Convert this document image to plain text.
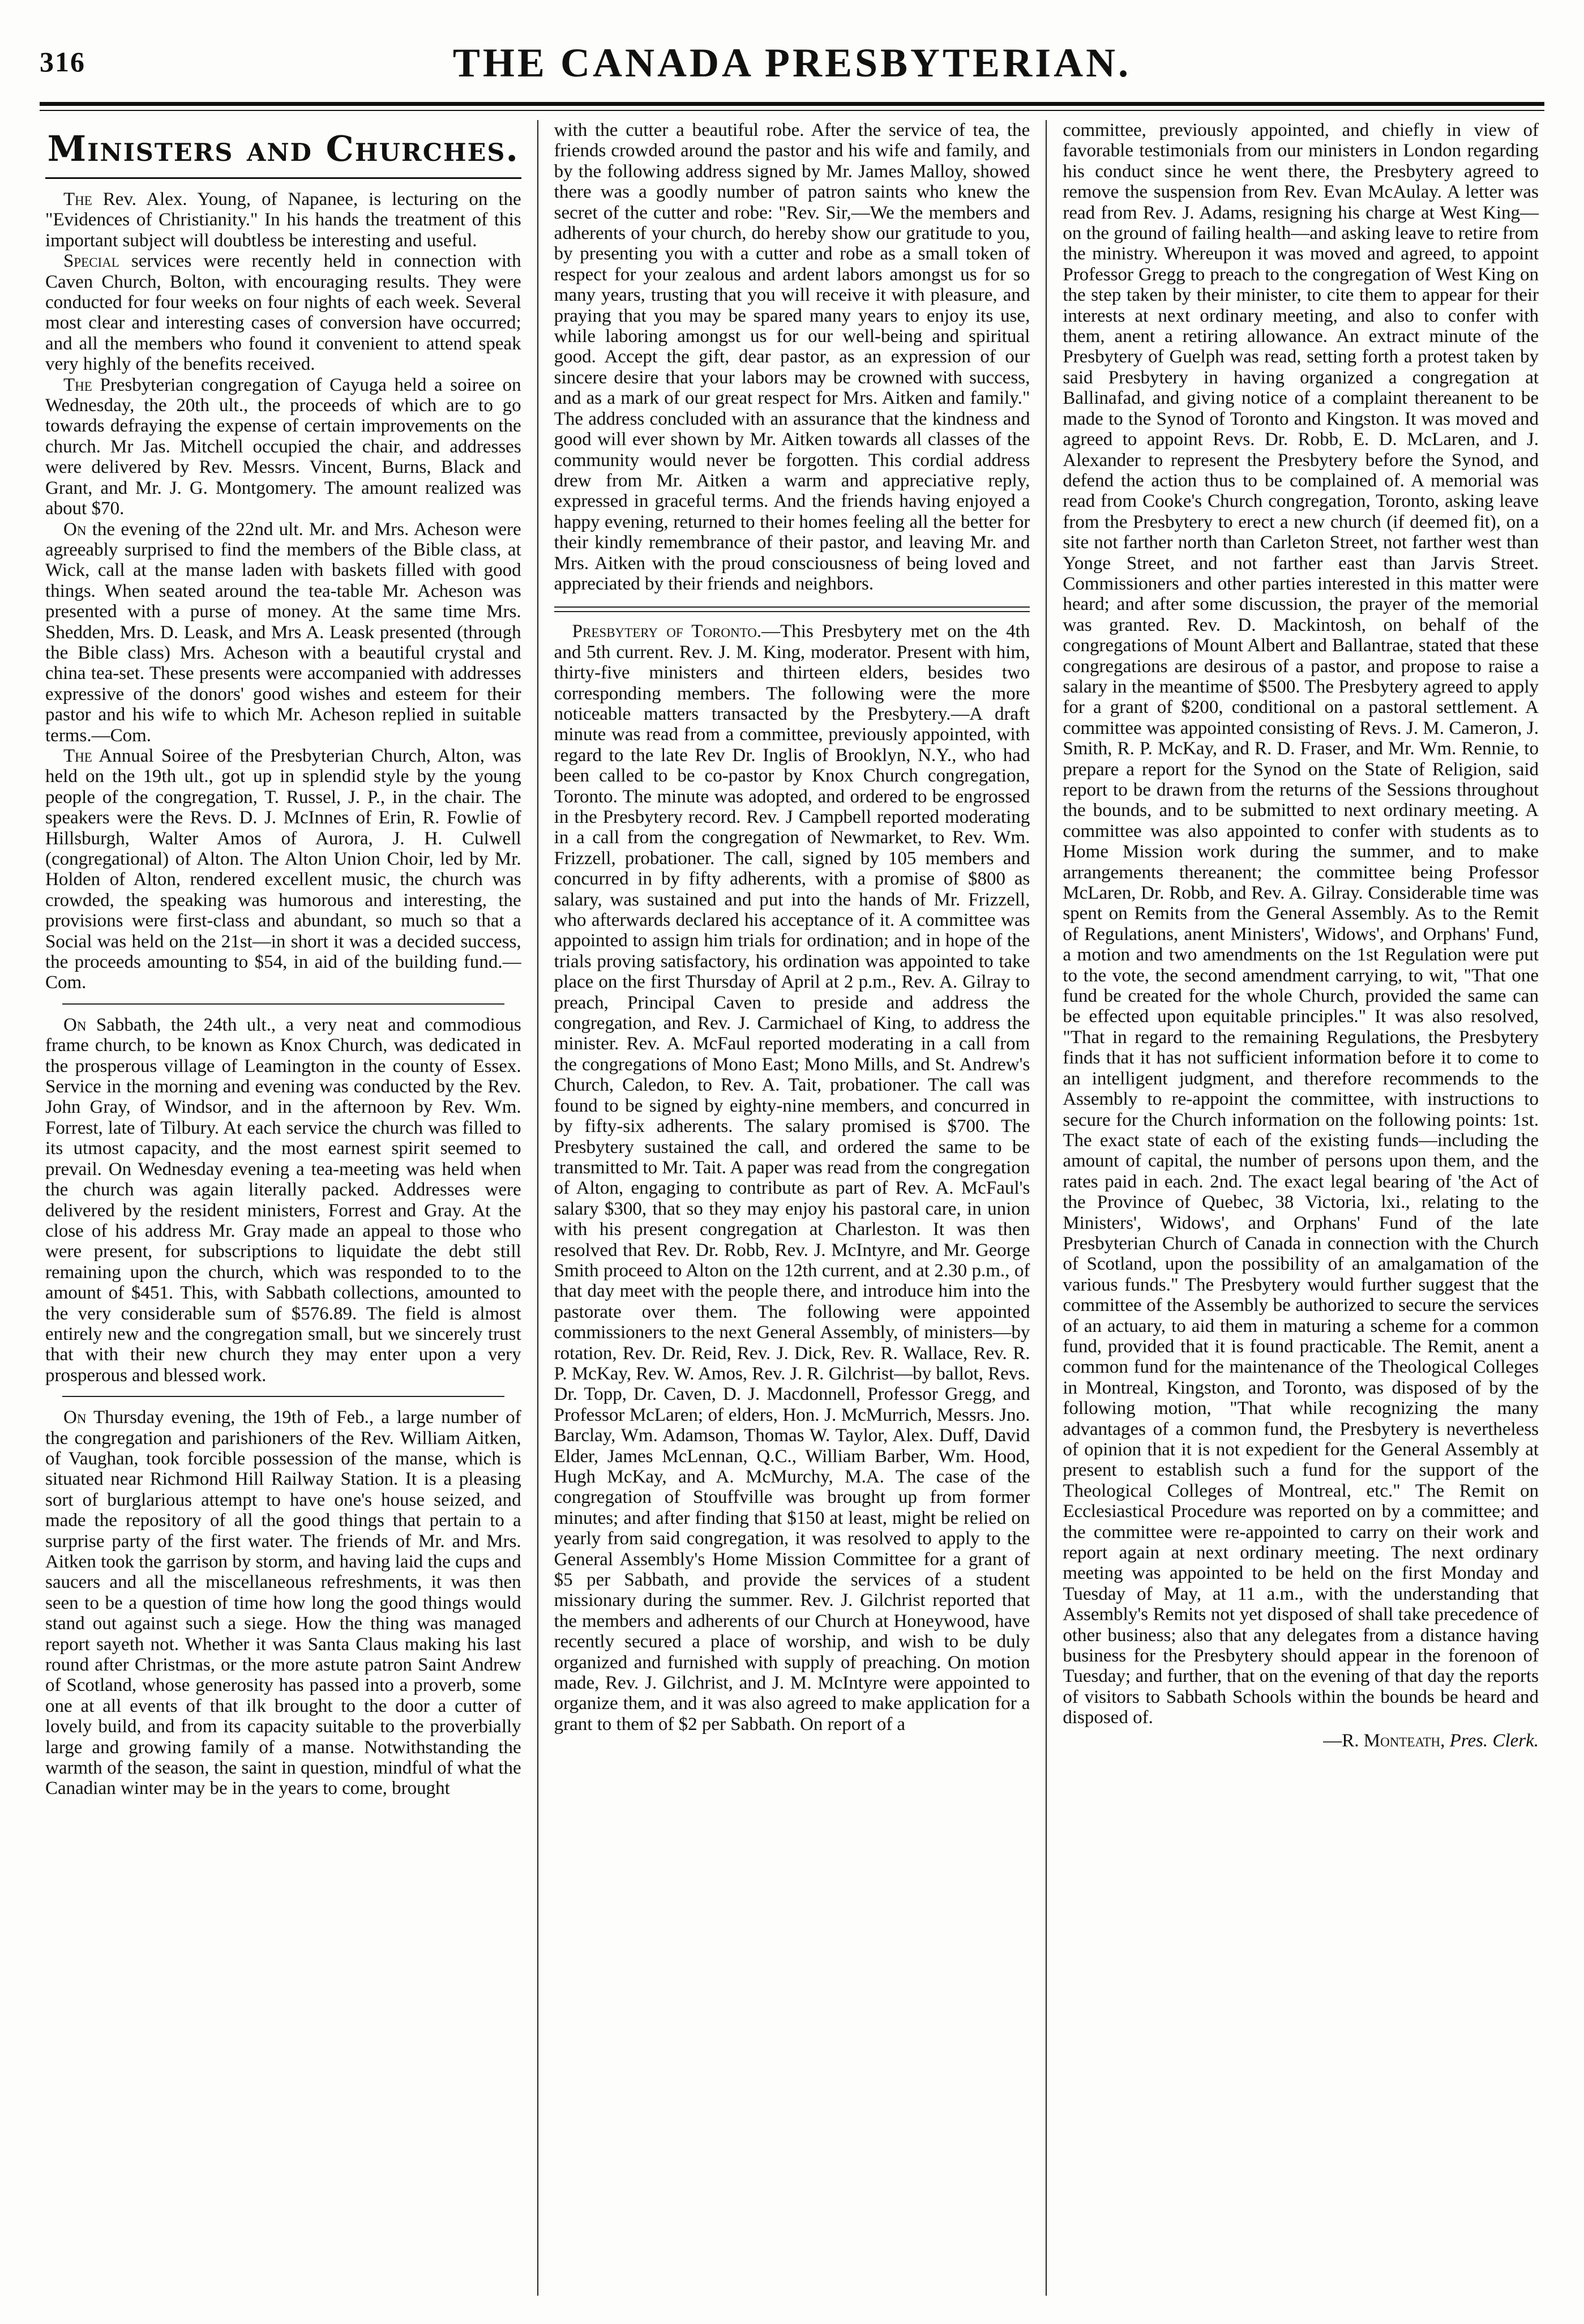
316	THE CANADA PRESBYTERIAN.
Ministers and Churches.

The Rev. Alex. Young, of Napanee, is lecturing on the "Evidences of Christianity." In his hands the treatment of this important subject will doubtless be interesting and useful.

Special services were recently held in connection with Caven Church, Bolton, with encouraging results. They were conducted for four weeks on four nights of each week. Several most clear and interesting cases of conversion have occurred; and all the members who found it convenient to attend speak very highly of the benefits received.

The Presbyterian congregation of Cayuga held a soiree on Wednesday, the 20th ult., the proceeds of which are to go towards defraying the expense of certain improvements on the church. Mr Jas. Mitchell occupied the chair, and addresses were delivered by Rev. Messrs. Vincent, Burns, Black and Grant, and Mr. J. G. Montgomery. The amount realized was about $70.

On the evening of the 22nd ult. Mr. and Mrs. Acheson were agreeably surprised to find the members of the Bible class, at Wick, call at the manse laden with baskets filled with good things. When seated around the tea-table Mr. Acheson was presented with a purse of money. At the same time Mrs. Shedden, Mrs. D. Leask, and Mrs A. Leask presented (through the Bible class) Mrs. Acheson with a beautiful crystal and china tea-set. These presents were accompanied with addresses expressive of the donors' good wishes and esteem for their pastor and his wife to which Mr. Acheson replied in suitable terms.—Com.

The Annual Soiree of the Presbyterian Church, Alton, was held on the 19th ult., got up in splendid style by the young people of the congregation, T. Russel, J. P., in the chair. The speakers were the Revs. D. J. McInnes of Erin, R. Fowlie of Hillsburgh, Walter Amos of Aurora, J. H. Culwell (congregational) of Alton. The Alton Union Choir, led by Mr. Holden of Alton, rendered excellent music, the church was crowded, the speaking was humorous and interesting, the provisions were first-class and abundant, so much so that a Social was held on the 21st—in short it was a decided success, the proceeds amounting to $54, in aid of the building fund.—Com.

On Sabbath, the 24th ult., a very neat and commodious frame church, to be known as Knox Church, was dedicated in the prosperous village of Leamington in the county of Essex. Service in the morning and evening was conducted by the Rev. John Gray, of Windsor, and in the afternoon by Rev. Wm. Forrest, late of Tilbury. At each service the church was filled to its utmost capacity, and the most earnest spirit seemed to prevail. On Wednesday evening a tea-meeting was held when the church was again literally packed. Addresses were delivered by the resident ministers, Forrest and Gray. At the close of his address Mr. Gray made an appeal to those who were present, for subscriptions to liquidate the debt still remaining upon the church, which was responded to to the amount of $451. This, with Sabbath collections, amounted to the very considerable sum of $576.89. The field is almost entirely new and the congregation small, but we sincerely trust that with their new church they may enter upon a very prosperous and blessed work.

On Thursday evening, the 19th of Feb., a large number of the congregation and parishioners of the Rev. William Aitken, of Vaughan, took forcible possession of the manse, which is situated near Richmond Hill Railway Station. It is a pleasing sort of burglarious attempt to have one's house seized, and made the repository of all the good things that pertain to a surprise party of the first water. The friends of Mr. and Mrs. Aitken took the garrison by storm, and having laid the cups and saucers and all the miscellaneous refreshments, it was then seen to be a question of time how long the good things would stand out against such a siege. How the thing was managed report sayeth not. Whether it was Santa Claus making his last round after Christmas, or the more astute patron Saint Andrew of Scotland, whose generosity has passed into a proverb, some one at all events of that ilk brought to the door a cutter of lovely build, and from its capacity suitable to the proverbially large and growing family of a manse. Notwithstanding the warmth of the season, the saint in question, mindful of what the Canadian winter may be in the years to come, brought

with the cutter a beautiful robe. After the service of tea, the friends crowded around the pastor and his wife and family, and by the following address signed by Mr. James Malloy, showed there was a goodly number of patron saints who knew the secret of the cutter and robe: "Rev. Sir,—We the members and adherents of your church, do hereby show our gratitude to you, by presenting you with a cutter and robe as a small token of respect for your zealous and ardent labors amongst us for so many years, trusting that you will receive it with pleasure, and praying that you may be spared many years to enjoy its use, while laboring amongst us for our well-being and spiritual good. Accept the gift, dear pastor, as an expression of our sincere desire that your labors may be crowned with success, and as a mark of our great respect for Mrs. Aitken and family." The address concluded with an assurance that the kindness and good will ever shown by Mr. Aitken towards all classes of the community would never be forgotten. This cordial address drew from Mr. Aitken a warm and appreciative reply, expressed in graceful terms. And the friends having enjoyed a happy evening, returned to their homes feeling all the better for their kindly remembrance of their pastor, and leaving Mr. and Mrs. Aitken with the proud consciousness of being loved and appreciated by their friends and neighbors.

Presbytery of Toronto.—This Presbytery met on the 4th and 5th current. Rev. J. M. King, moderator. Present with him, thirty-five ministers and thirteen elders, besides two corresponding members. The following were the more noticeable matters transacted by the Presbytery.—A draft minute was read from a committee, previously appointed, with regard to the late Rev Dr. Inglis of Brooklyn, N.Y., who had been called to be co-pastor by Knox Church congregation, Toronto. The minute was adopted, and ordered to be engrossed in the Presbytery record. Rev. J Campbell reported moderating in a call from the congregation of Newmarket, to Rev. Wm. Frizzell, probationer. The call, signed by 105 members and concurred in by fifty adherents, with a promise of $800 as salary, was sustained and put into the hands of Mr. Frizzell, who afterwards declared his acceptance of it. A committee was appointed to assign him trials for ordination; and in hope of the trials proving satisfactory, his ordination was appointed to take place on the first Thursday of April at 2 p.m., Rev. A. Gilray to preach, Principal Caven to preside and address the congregation, and Rev. J. Carmichael of King, to address the minister. Rev. A. McFaul reported moderating in a call from the congregations of Mono East; Mono Mills, and St. Andrew's Church, Caledon, to Rev. A. Tait, probationer. The call was found to be signed by eighty-nine members, and concurred in by fifty-six adherents. The salary promised is $700. The Presbytery sustained the call, and ordered the same to be transmitted to Mr. Tait. A paper was read from the congregation of Alton, engaging to contribute as part of Rev. A. McFaul's salary $300, that so they may enjoy his pastoral care, in union with his present congregation at Charleston. It was then resolved that Rev. Dr. Robb, Rev. J. McIntyre, and Mr. George Smith proceed to Alton on the 12th current, and at 2.30 p.m., of that day meet with the people there, and introduce him into the pastorate over them. The following were appointed commissioners to the next General Assembly, of ministers—by rotation, Rev. Dr. Reid, Rev. J. Dick, Rev. R. Wallace, Rev. R. P. McKay, Rev. W. Amos, Rev. J. R. Gilchrist—by ballot, Revs. Dr. Topp, Dr. Caven, D. J. Macdonnell, Professor Gregg, and Professor McLaren; of elders, Hon. J. McMurrich, Messrs. Jno. Barclay, Wm. Adamson, Thomas W. Taylor, Alex. Duff, David Elder, James McLennan, Q.C., William Barber, Wm. Hood, Hugh McKay, and A. McMurchy, M.A. The case of the congregation of Stouffville was brought up from former minutes; and after finding that $150 at least, might be relied on yearly from said congregation, it was resolved to apply to the General Assembly's Home Mission Committee for a grant of $5 per Sabbath, and provide the services of a student missionary during the summer. Rev. J. Gilchrist reported that the members and adherents of our Church at Honeywood, have recently secured a place of worship, and wish to be duly organized and furnished with supply of preaching. On motion made, Rev. J. Gilchrist, and J. M. McIntyre were appointed to organize them, and it was also agreed to make application for a grant to them of $2 per Sabbath. On report of a

committee, previously appointed, and chiefly in view of favorable testimonials from our ministers in London regarding his conduct since he went there, the Presbytery agreed to remove the suspension from Rev. Evan McAulay. A letter was read from Rev. J. Adams, resigning his charge at West King—on the ground of failing health—and asking leave to retire from the ministry. Whereupon it was moved and agreed, to appoint Professor Gregg to preach to the congregation of West King on the step taken by their minister, to cite them to appear for their interests at next ordinary meeting, and also to confer with them, anent a retiring allowance. An extract minute of the Presbytery of Guelph was read, setting forth a protest taken by said Presbytery in having organized a congregation at Ballinafad, and giving notice of a complaint thereanent to be made to the Synod of Toronto and Kingston. It was moved and agreed to appoint Revs. Dr. Robb, E. D. McLaren, and J. Alexander to represent the Presbytery before the Synod, and defend the action thus to be complained of. A memorial was read from Cooke's Church congregation, Toronto, asking leave from the Presbytery to erect a new church (if deemed fit), on a site not farther north than Carleton Street, not farther west than Yonge Street, and not farther east than Jarvis Street. Commissioners and other parties interested in this matter were heard; and after some discussion, the prayer of the memorial was granted. Rev. D. Mackintosh, on behalf of the congregations of Mount Albert and Ballantrae, stated that these congregations are desirous of a pastor, and propose to raise a salary in the meantime of $500. The Presbytery agreed to apply for a grant of $200, conditional on a pastoral settlement. A committee was appointed consisting of Revs. J. M. Cameron, J. Smith, R. P. McKay, and R. D. Fraser, and Mr. Wm. Rennie, to prepare a report for the Synod on the State of Religion, said report to be drawn from the returns of the Sessions throughout the bounds, and to be submitted to next ordinary meeting. A committee was also appointed to confer with students as to Home Mission work during the summer, and to make arrangements thereanent; the committee being Professor McLaren, Dr. Robb, and Rev. A. Gilray. Considerable time was spent on Remits from the General Assembly. As to the Remit of Regulations, anent Ministers', Widows', and Orphans' Fund, a motion and two amendments on the 1st Regulation were put to the vote, the second amendment carrying, to wit, "That one fund be created for the whole Church, provided the same can be effected upon equitable principles." It was also resolved, "That in regard to the remaining Regulations, the Presbytery finds that it has not sufficient information before it to come to an intelligent judgment, and therefore recommends to the Assembly to re-appoint the committee, with instructions to secure for the Church information on the following points: 1st. The exact state of each of the existing funds—including the amount of capital, the number of persons upon them, and the rates paid in each. 2nd. The exact legal bearing of 'the Act of the Province of Quebec, 38 Victoria, lxi., relating to the Ministers', Widows', and Orphans' Fund of the late Presbyterian Church of Canada in connection with the Church of Scotland, upon the possibility of an amalgamation of the various funds." The Presbytery would further suggest that the committee of the Assembly be authorized to secure the services of an actuary, to aid them in maturing a scheme for a common fund, provided that it is found practicable. The Remit, anent a common fund for the maintenance of the Theological Colleges in Montreal, Kingston, and Toronto, was disposed of by the following motion, "That while recognizing the many advantages of a common fund, the Presbytery is nevertheless of opinion that it is not expedient for the General Assembly at present to establish such a fund for the support of the Theological Colleges of Montreal, etc." The Remit on Ecclesiastical Procedure was reported on by a committee; and the committee were re-appointed to carry on their work and report again at next ordinary meeting. The next ordinary meeting was appointed to be held on the first Monday and Tuesday of May, at 11 a.m., with the understanding that Assembly's Remits not yet disposed of shall take precedence of other business; also that any delegates from a distance having business for the Presbytery should appear in the forenoon of Tuesday; and further, that on the evening of that day the reports of visitors to Sabbath Schools within the bounds be heard and disposed of.

—R. Monteath, Pres. Clerk.
